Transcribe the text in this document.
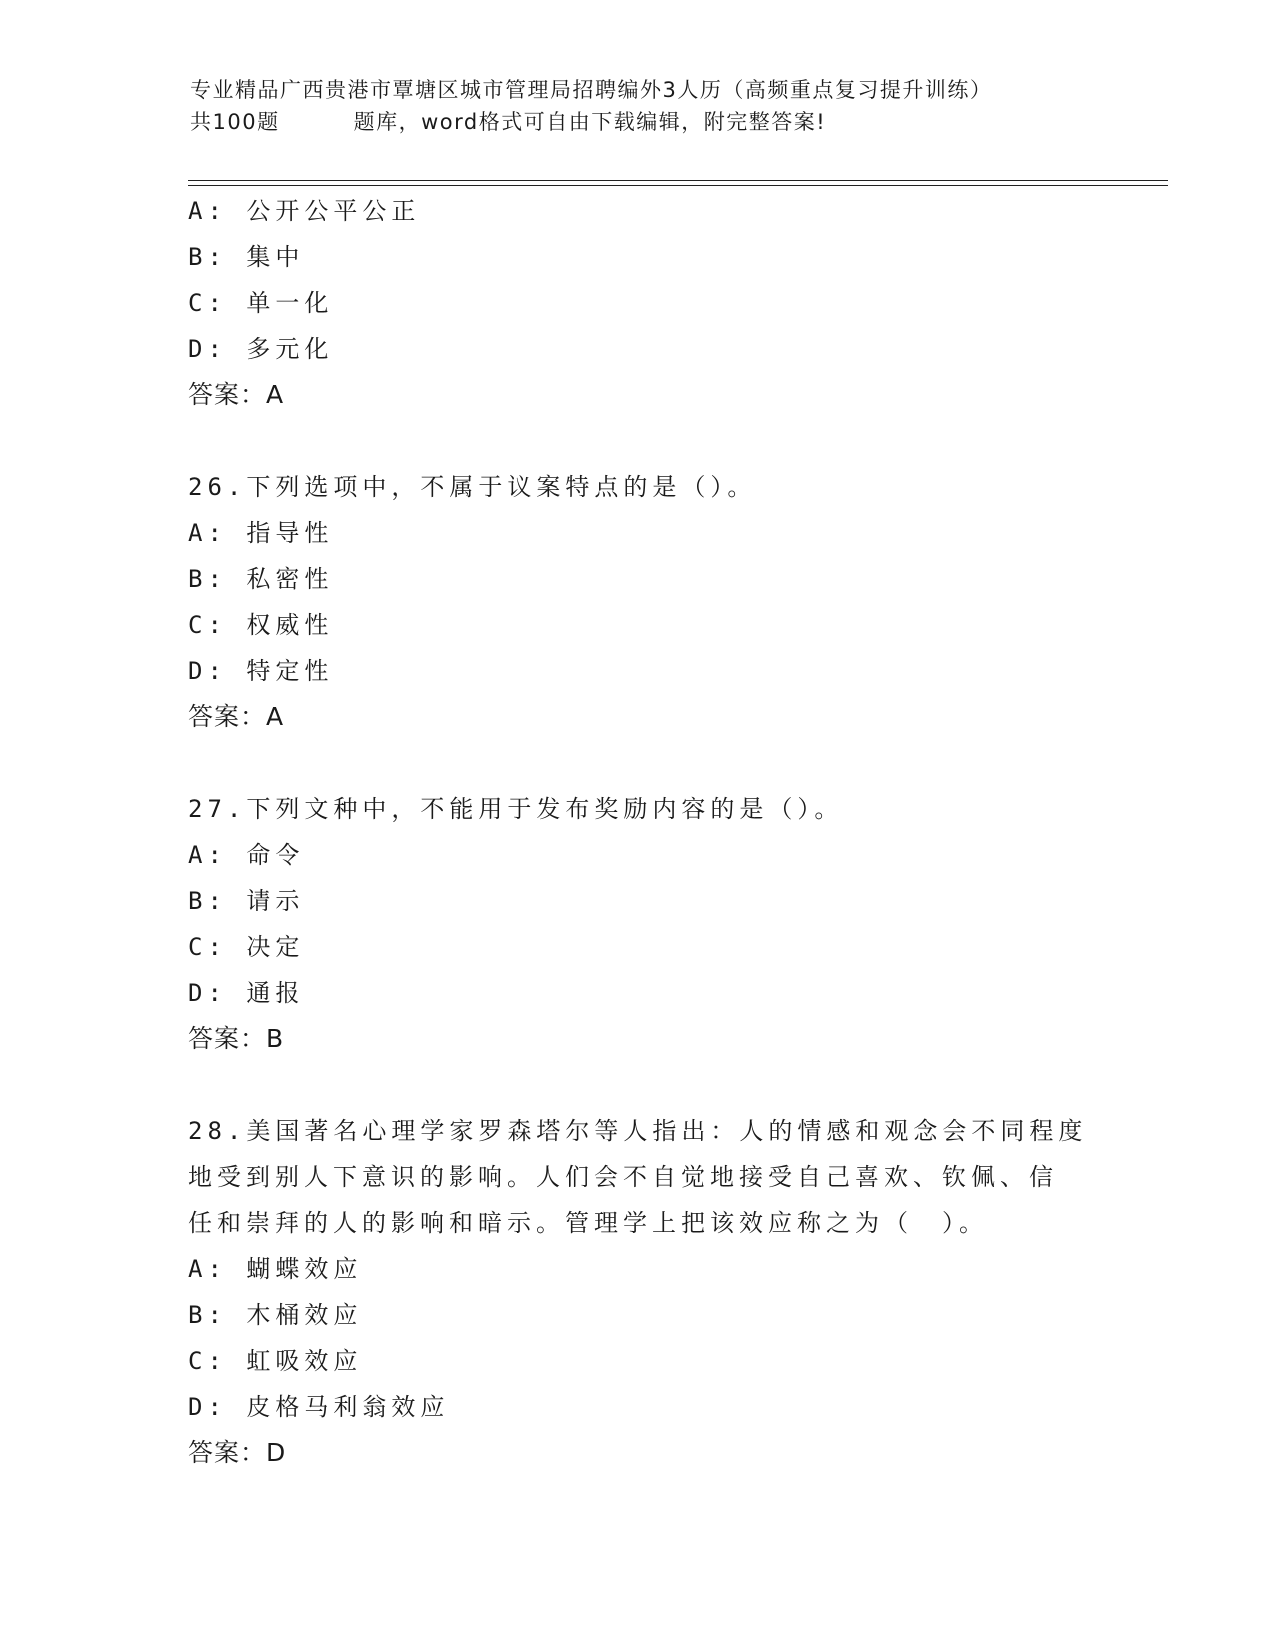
专业精品广西贵港市覃塘区城市管理局招聘编外3人历（高频重点复习提升训练）
共100题	题库，word格式可自由下载编辑，附完整答案!
A: 公开公平公正
B: 集中
C: 单一化
D: 多元化
答案：A
26.下列选项中，不属于议案特点的是（）。
A: 指导性
B: 私密性
C: 权威性
D: 特定性
答案：A
27.下列文种中，不能用于发布奖励内容的是（）。
A: 命令
B: 请示
C: 决定
D: 通报
答案：B
28.美国著名心理学家罗森塔尔等人指出：人的情感和观念会不同程度
地受到别人下意识的影响。人们会不自觉地接受自己喜欢、钦佩、信
任和崇拜的人的影响和暗示。管理学上把该效应称之为（　）。
A: 蝴蝶效应
B: 木桶效应
C: 虹吸效应
D: 皮格马利翁效应
答案：D
